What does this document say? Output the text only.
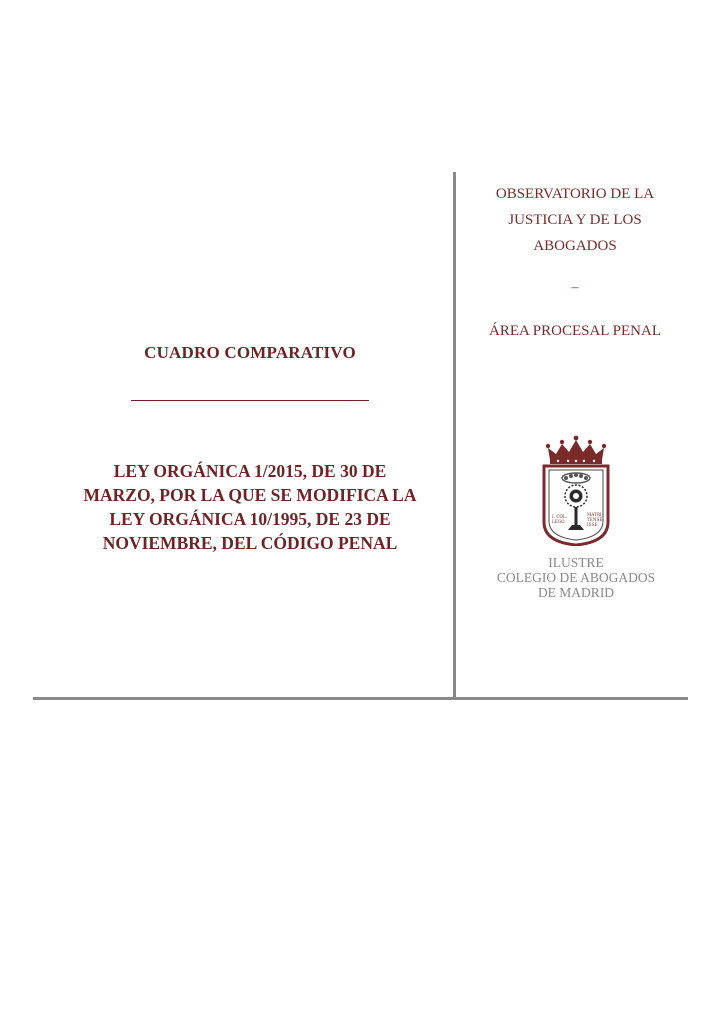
OBSERVATORIO DE LA
JUSTICIA Y DE LOS
ABOGADOS
–
ÁREA PROCESAL PENAL
CUADRO COMPARATIVO
LEY ORGÁNICA 1/2015, DE 30 DE
MARZO, POR LA QUE SE MODIFICA LA
LEY ORGÁNICA 10/1995, DE 23 DE
NOVIEMBRE, DEL CÓDIGO PENAL
I. COL.
LEGO
MATRI
TENSE
ISSE
ILUSTRE
COLEGIO DE ABOGADOS
DE MADRID
